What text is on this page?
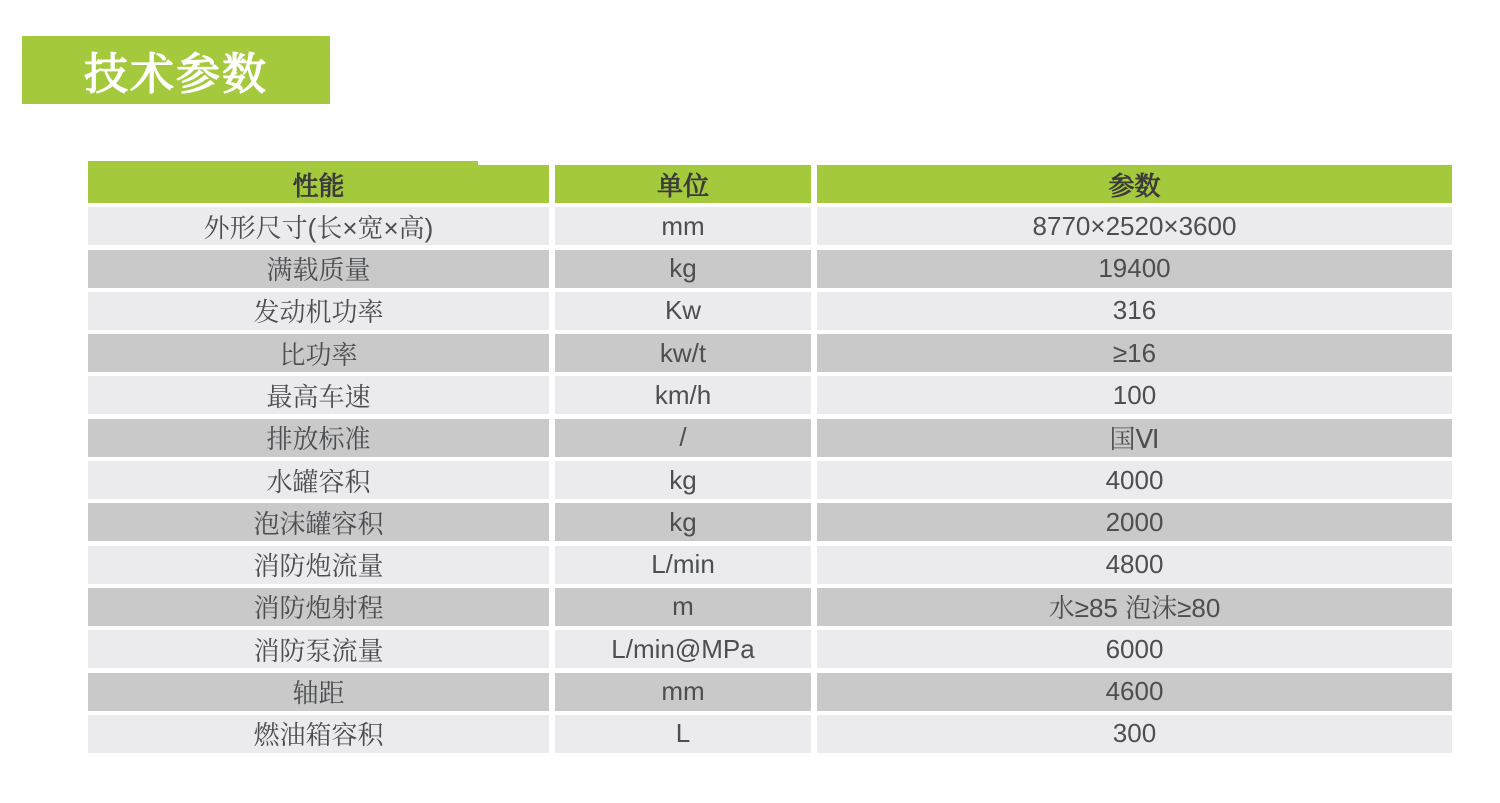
技术参数
性能	单位	参数
外形尺寸(长×宽×高)	mm	8770×2520×3600
满载质量	kg	19400
发动机功率	Kw	316
比功率	kw/t	≥16
最高车速	km/h	100
排放标准	/	国Ⅵ
水罐容积	kg	4000
泡沫罐容积	kg	2000
消防炮流量	L/min	4800
消防炮射程	m	水≥85 泡沫≥80
消防泵流量	L/min@MPa	6000
轴距	mm	4600
燃油箱容积	L	300
